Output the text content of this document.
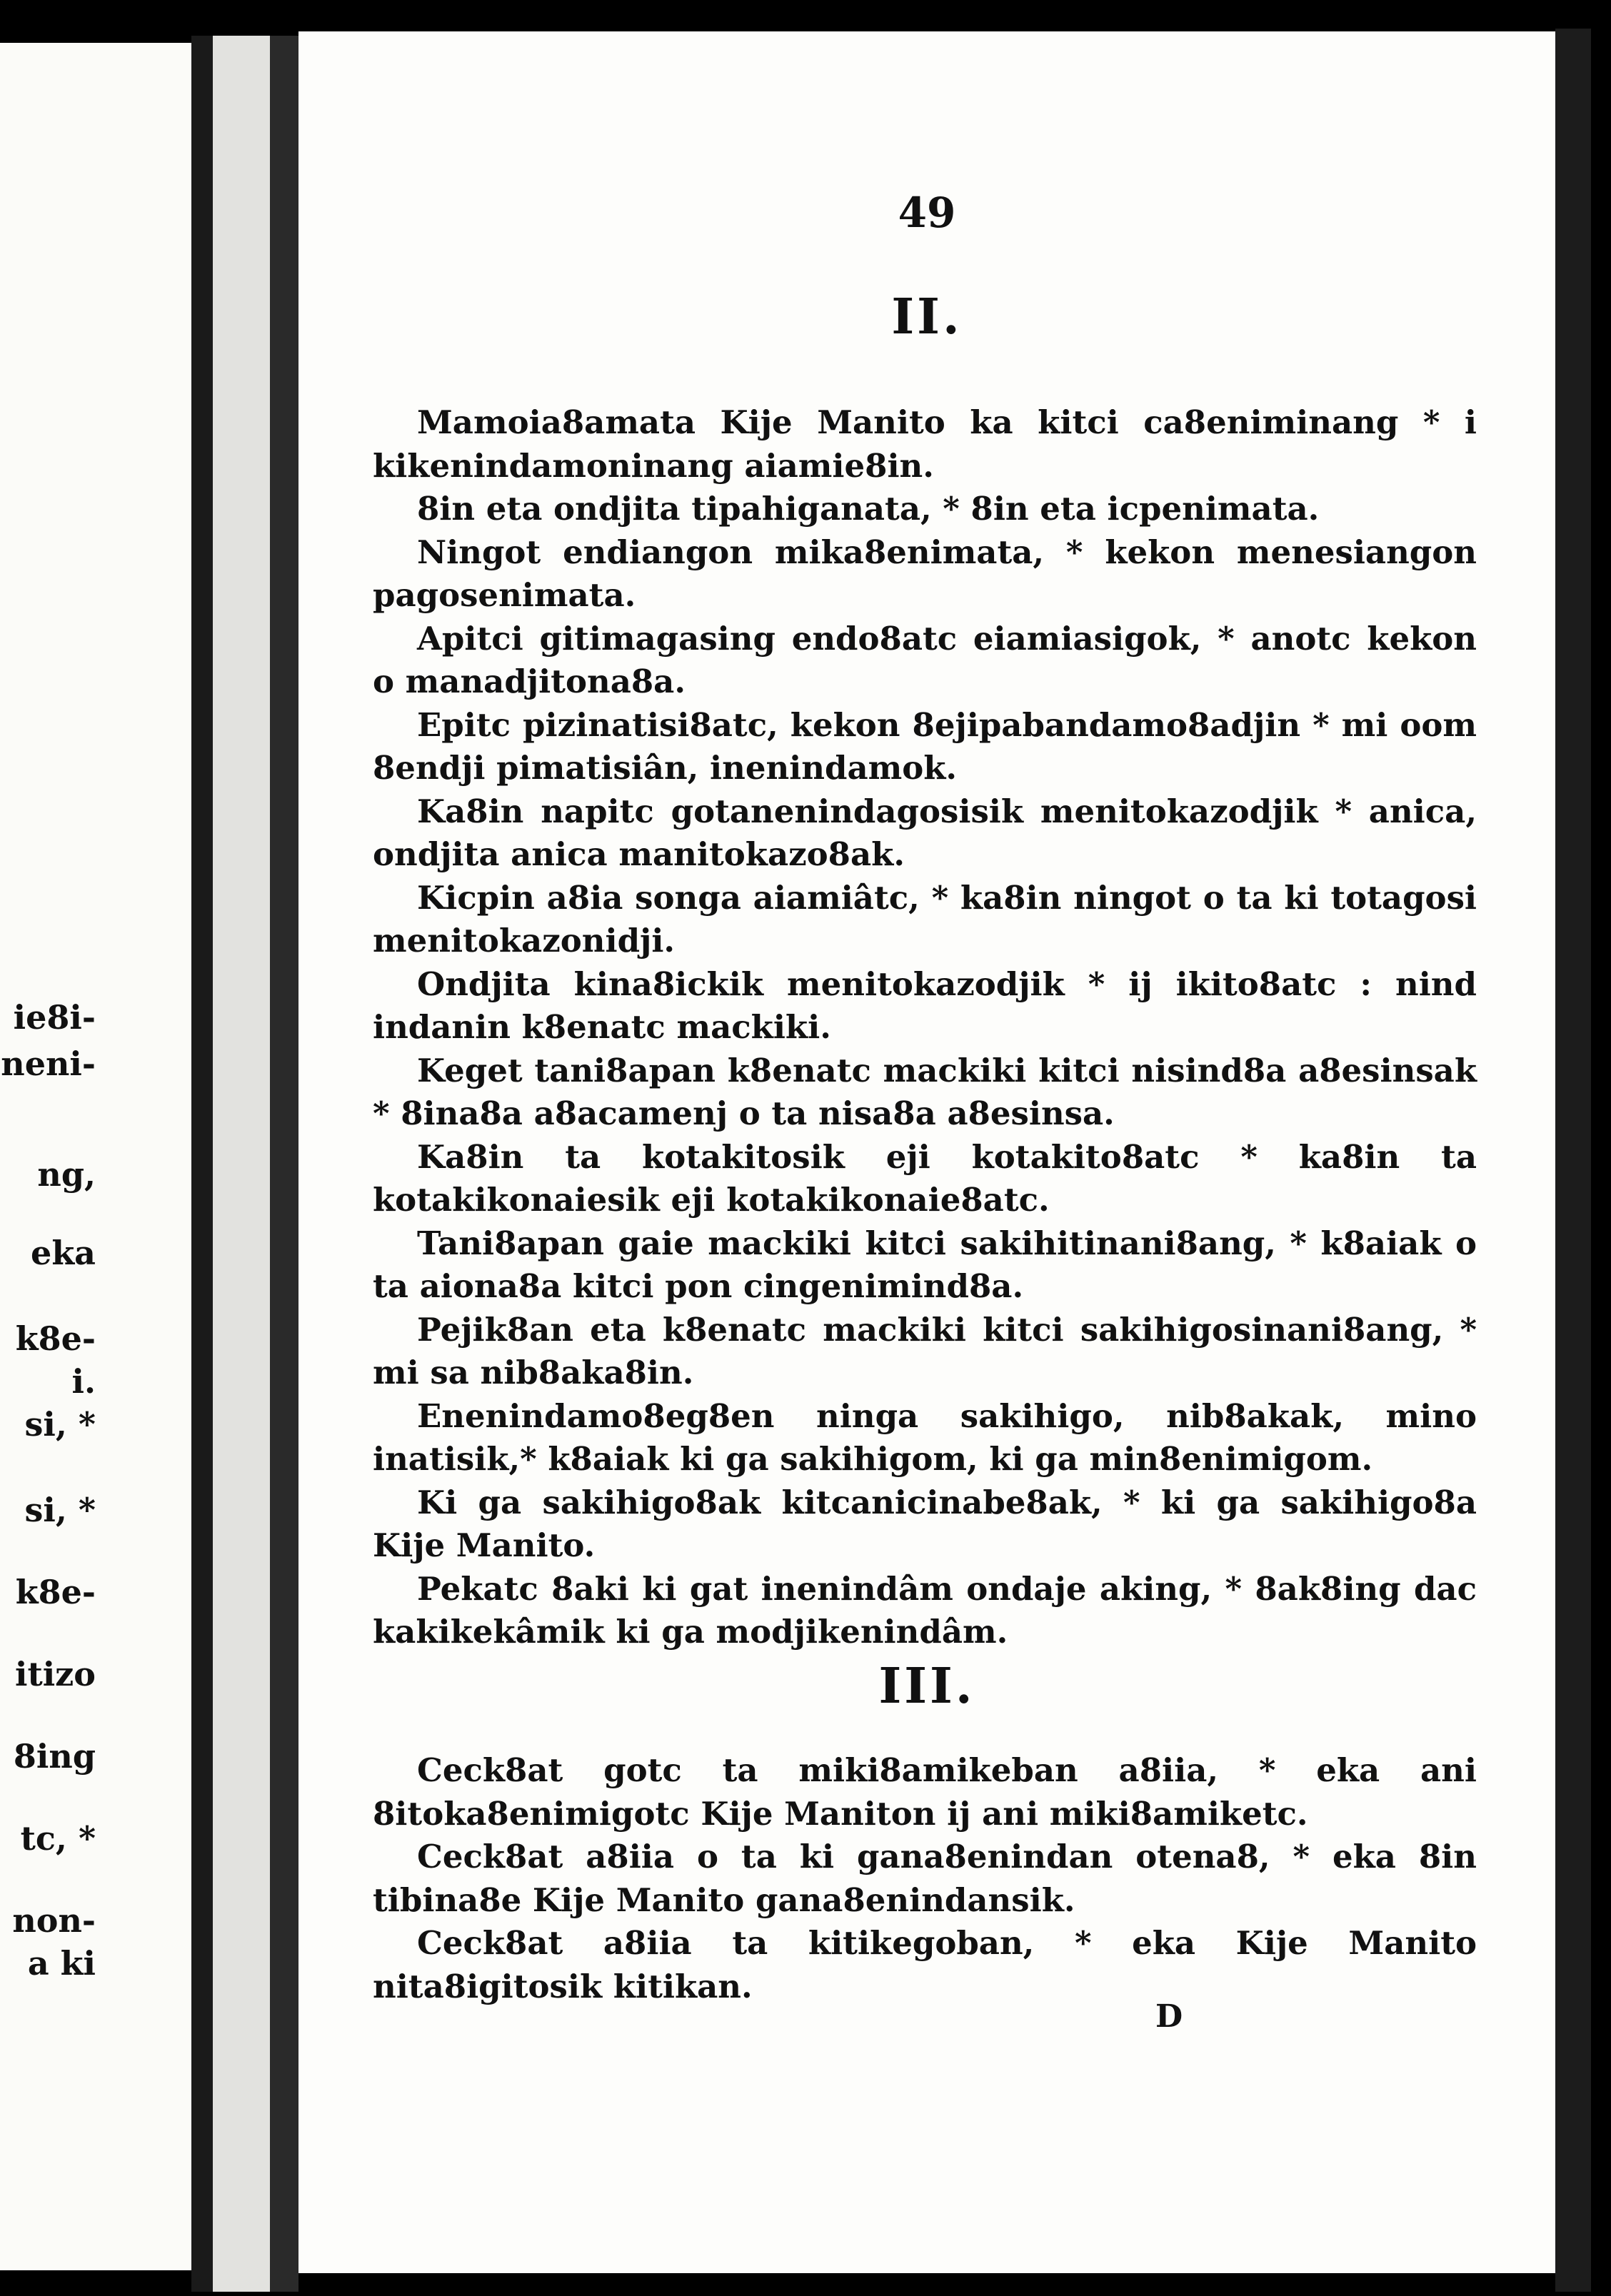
ie8i-
neni-
ng,
eka
k8e-
i.
si, *
si, *
k8e-
itizo
8ing
tc, *
non-
a ki
49
II.

Mamoia8amata Kije Manito ka kitci ca8eniminang * i kikenindamoninang aiamie8in.

8in eta ondjita tipahiganata, * 8in eta icpenimata.

Ningot endiangon mika8enimata, * kekon menesiangon pagosenimata.

Apitci gitimagasing endo8atc eiamiasigok, * anotc kekon o manadjitona8a.

Epitc pizinatisi8atc, kekon 8ejipabandamo8adjin * mi oom 8endji pimatisiân, inenindamok.

Ka8in napitc gotanenindagosisik menitokazodjik * anica, ondjita anica manitokazo8ak.

Kicpin a8ia songa aiamiâtc, * ka8in ningot o ta ki totagosi menitokazonidji.

Ondjita kina8ickik menitokazodjik * ij ikito8atc : nind indanin k8enatc mackiki.

Keget tani8apan k8enatc mackiki kitci nisind8a a8esinsak * 8ina8a a8acamenj o ta nisa8a a8esinsa.

Ka8in ta kotakitosik eji kotakito8atc * ka8in ta kotakikonaiesik eji kotakikonaie8atc.

Tani8apan gaie mackiki kitci sakihitinani8ang, * k8aiak o ta aiona8a kitci pon cingenimind8a.

Pejik8an eta k8enatc mackiki kitci sakihigosinani8ang, * mi sa nib8aka8in.

Enenindamo8eg8en ninga sakihigo, nib8akak, mino inatisik,* k8aiak ki ga sakihigom, ki ga min8enimigom.

Ki ga sakihigo8ak kitcanicinabe8ak, * ki ga sakihigo8a Kije Manito.

Pekatc 8aki ki gat inenindâm ondaje aking, * 8ak8ing dac kakikekâmik ki ga modjikenindâm.

III.

Ceck8at gotc ta miki8amikeban a8iia, * eka ani 8itoka8enimigotc Kije Maniton ij ani miki8amiketc.

Ceck8at a8iia o ta ki gana8enindan otena8, * eka 8in tibina8e Kije Manito gana8enindansik.

Ceck8at a8iia ta kitikegoban, * eka Kije Manito nita8igitosik kitikan.

D
